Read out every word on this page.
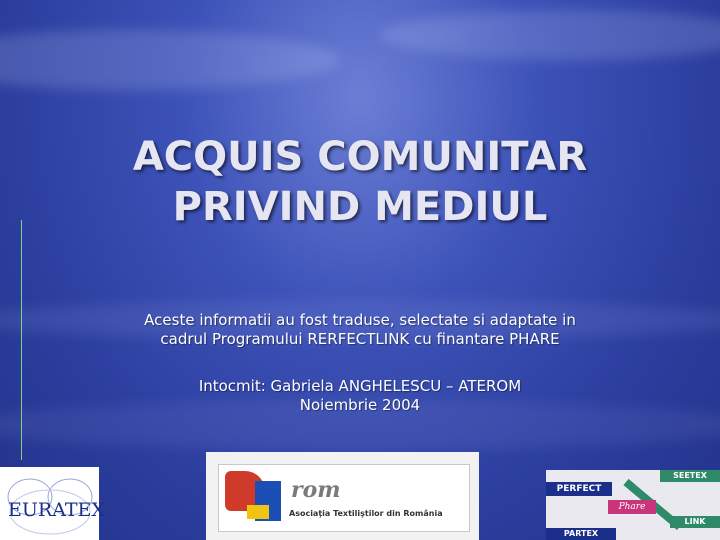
ACQUIS COMUNITAR
PRIVIND MEDIUL
Aceste informatii au fost traduse, selectate si adaptate in
cadrul Programului RERFECTLINK cu finantare PHARE
Intocmit: Gabriela ANGHELESCU – ATEROM
Noiembrie 2004
EURATEX
rom
Asociaţia Textiliştilor din România
SEETEX
PERFECT
Phare
LINK
PARTEX
